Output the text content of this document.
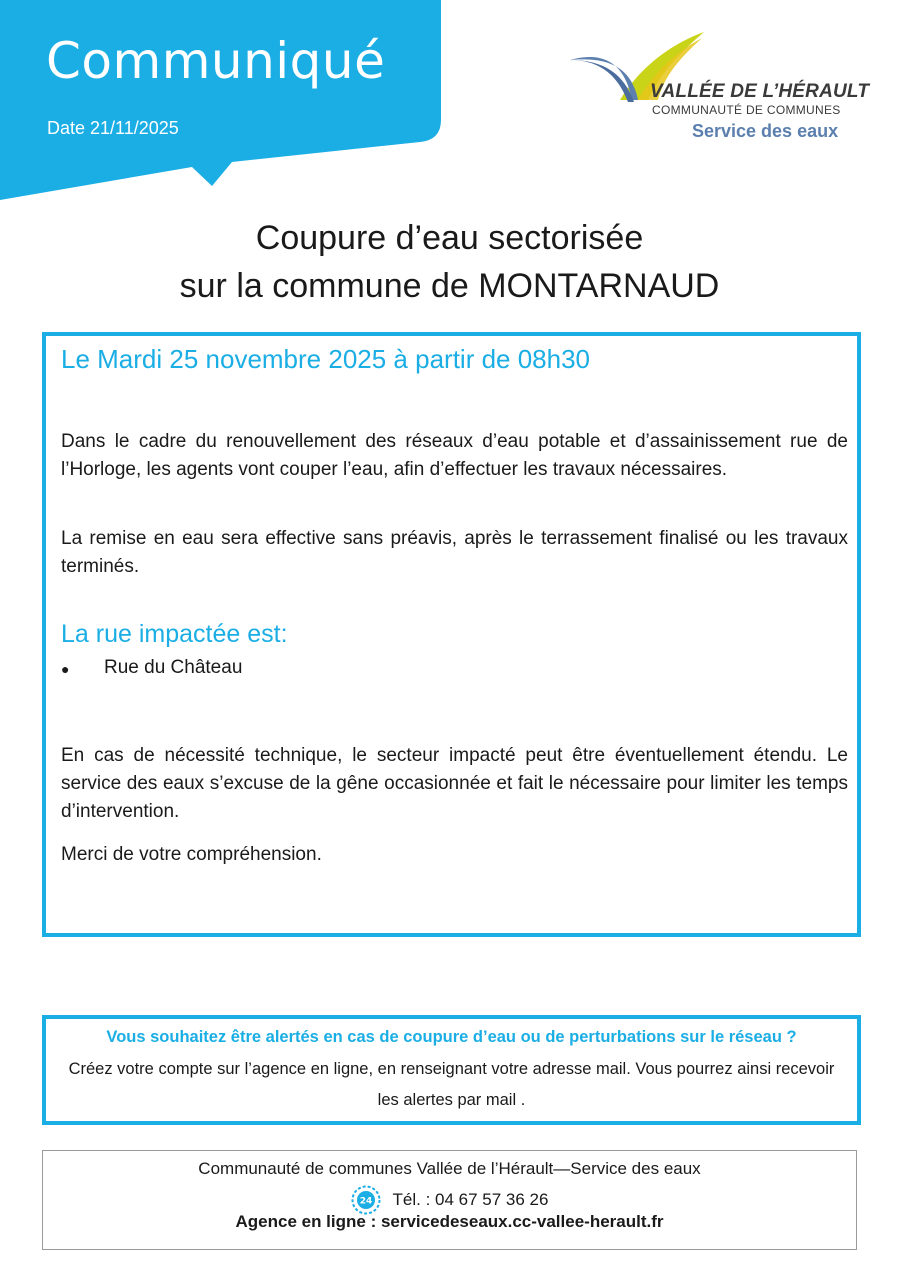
Communiqué
Date 21/11/2025
VALLÉE DE L’HÉRAULT
COMMUNAUTÉ DE COMMUNES
Service des eaux
Coupure d’eau sectorisée
sur la commune de MONTARNAUD
Le Mardi 25 novembre 2025 à partir de 08h30
Dans le cadre du renouvellement des réseaux d’eau potable et d’assainissement rue de l’Horloge, les agents vont couper l’eau, afin d’effectuer les travaux nécessaires.
La remise en eau sera effective sans préavis, après le terrassement finalisé ou les travaux terminés.
La rue impactée est:
● Rue du Château
En cas de nécessité technique, le secteur impacté peut être éventuellement étendu. Le service des eaux s’excuse de la gêne occasionnée et fait le nécessaire pour limiter les temps d’intervention.
Merci de votre compréhension.
Vous souhaitez être alertés en cas de coupure d’eau ou de perturbations sur le réseau ?
Créez votre compte sur l’agence en ligne, en renseignant votre adresse mail. Vous pourrez ainsi recevoir les alertes par mail .
Communauté de communes Vallée de l’Hérault—Service des eaux
24 Tél. : 04 67 57 36 26
Agence en ligne : servicedeseaux.cc-vallee-herault.fr
